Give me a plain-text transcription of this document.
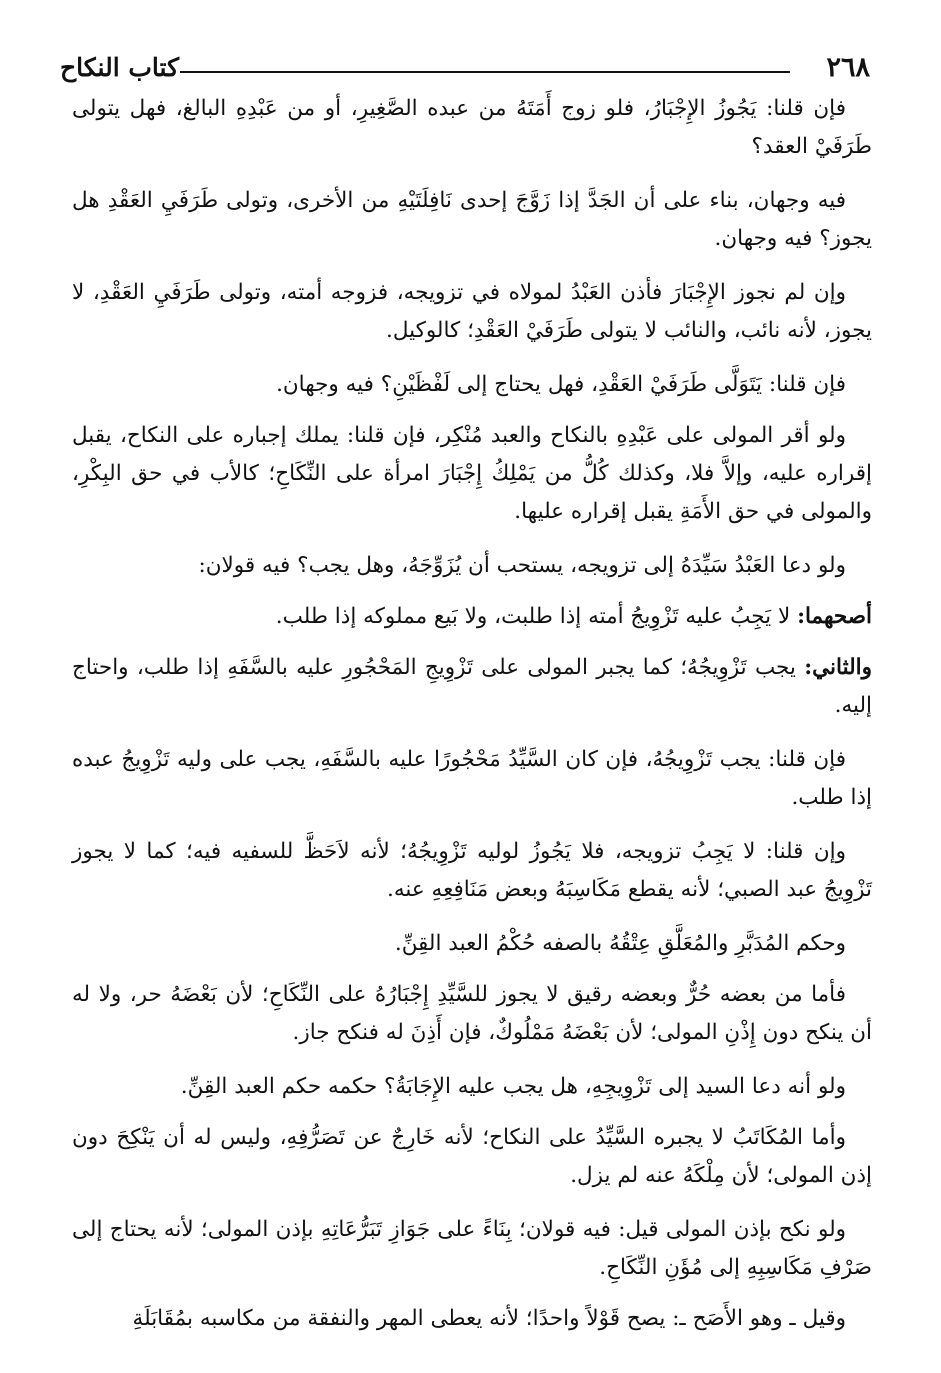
٢٦٨
كتاب النكاح

فإن قلنا: يَجُوزُ الإِجْبَارُ، فلو زوج أَمَتَهُ من عبده الصَّغِيرِ، أو من عَبْدِهِ البالغ، فهل يتولى طَرَفَيْ العقد؟

فيه وجهان، بناء على أن الجَدَّ إذا زَوَّجَ إحدى نَافِلَتَيْهِ من الأخرى، وتولى طَرَفَيِ العَقْدِ هل يجوز؟ فيه وجهان.

وإن لم نجوز الإِجْبَارَ فأذن العَبْدُ لمولاه في تزويجه، فزوجه أمته، وتولى طَرَفَيِ العَقْدِ، لا يجوز، لأنه نائب، والنائب لا يتولى طَرَفَيْ العَقْدِ؛ كالوكيل.

فإن قلنا: يَتَوَلَّى طَرَفَيْ العَقْدِ، فهل يحتاج إلى لَفْظَيْنِ؟ فيه وجهان.

ولو أقر المولى على عَبْدِهِ بالنكاح والعبد مُنْكِر، فإن قلنا: يملك إجباره على النكاح، يقبل إقراره عليه، وإلاَّ فلا، وكذلك كُلُّ من يَمْلِكُ إِجْبَارَ امرأة على النِّكَاحِ؛ كالأب في حق البِكْرِ، والمولى في حق الأَمَةِ يقبل إقراره عليها.

ولو دعا العَبْدُ سَيِّدَهُ إلى تزويجه، يستحب أن يُزَوِّجَهُ، وهل يجب؟ فيه قولان:

أصحهما: لا يَجِبُ عليه تَزْوِيجُ أمته إذا طلبت، ولا بَيع مملوكه إذا طلب.

والثاني: يجب تَزْوِيجُهُ؛ كما يجبر المولى على تَزْوِيجِ المَحْجُورِ عليه بالسَّفَهِ إذا طلب، واحتاج إليه.

فإن قلنا: يجب تَزْوِيجُهُ، فإن كان السَّيِّدُ مَحْجُورًا عليه بالسَّفَهِ، يجب على وليه تَزْوِيجُ عبده إذا طلب.

وإن قلنا: لا يَجِبُ تزويجه، فلا يَجُوزُ لوليه تَزْوِيجُهُ؛ لأنه لاَحَظَّ للسفيه فيه؛ كما لا يجوز تَزْوِيجُ عبد الصبي؛ لأنه يقطع مَكَاسِبَهُ وبعض مَنَافِعِهِ عنه.

وحكم المُدَبَّرِ والمُعَلَّقِ عِتْقُهُ بالصفه حُكْمُ العبد القِنِّ.

فأما من بعضه حُرٌّ وبعضه رقيق لا يجوز للسَّيِّدِ إِجْبَارُهُ على النِّكَاحِ؛ لأن بَعْضَهُ حر، ولا له أن ينكح دون إِذْنِ المولى؛ لأن بَعْضَهُ مَمْلُوكٌ، فإن أَذِنَ له فنكح جاز.

ولو أنه دعا السيد إلى تَزْوِيجِهِ، هل يجب عليه الإِجَابَةُ؟ حكمه حكم العبد القِنِّ.

وأما المُكَاتَبُ لا يجبره السَّيِّدُ على النكاح؛ لأنه خَارِجٌ عن تَصَرُّفِهِ، وليس له أن يَنْكِحَ دون إذن المولى؛ لأن مِلْكَهُ عنه لم يزل.

ولو نكح بإذن المولى قيل: فيه قولان؛ بِنَاءً على جَوَازِ تَبَرُّعَاتِهِ بإذن المولى؛ لأنه يحتاج إلى صَرْفِ مَكَاسِبِهِ إلى مُؤَنِ النِّكَاحِ.

وقيل ـ وهو الأَصَح ـ: يصح قَوْلاً واحدًا؛ لأنه يعطى المهر والنفقة من مكاسبه بمُقَابَلَةِ
